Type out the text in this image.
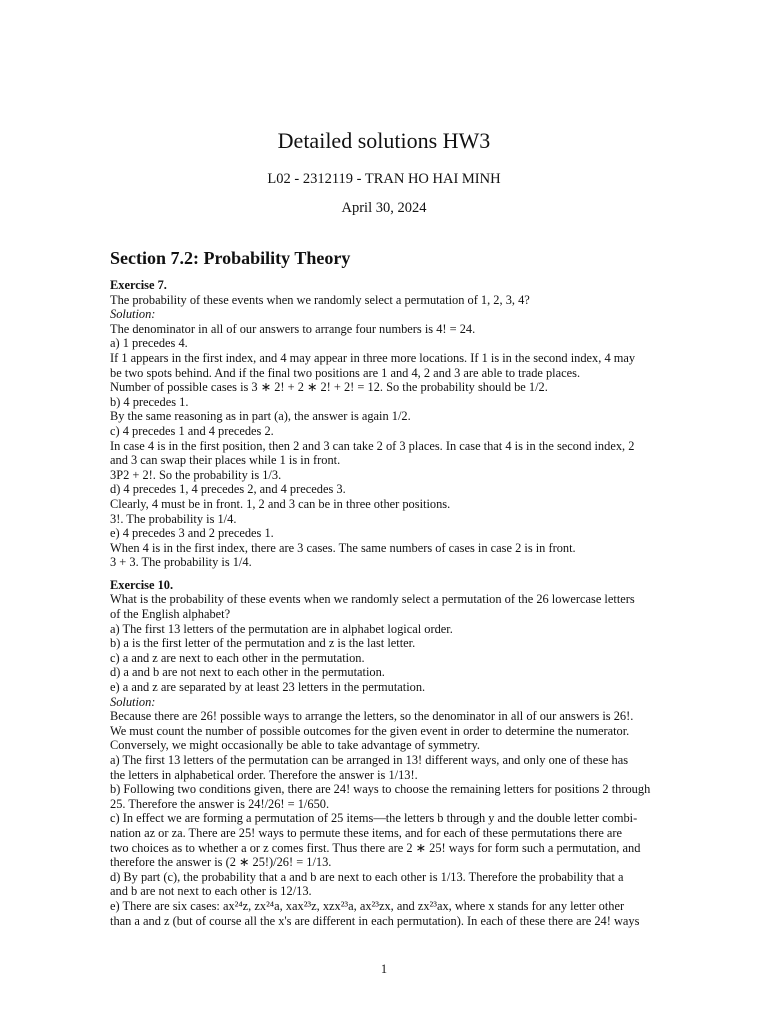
Detailed solutions HW3
L02 - 2312119 - TRAN HO HAI MINH
April 30, 2024
Section 7.2: Probability Theory
Exercise 7.
The probability of these events when we randomly select a permutation of 1, 2, 3, 4?
Solution:
The denominator in all of our answers to arrange four numbers is 4! = 24.
a) 1 precedes 4.
If 1 appears in the first index, and 4 may appear in three more locations. If 1 is in the second index, 4 may
be two spots behind. And if the final two positions are 1 and 4, 2 and 3 are able to trade places.
Number of possible cases is 3 ∗ 2! + 2 ∗ 2! + 2! = 12. So the probability should be 1/2.
b) 4 precedes 1.
By the same reasoning as in part (a), the answer is again 1/2.
c) 4 precedes 1 and 4 precedes 2.
In case 4 is in the first position, then 2 and 3 can take 2 of 3 places. In case that 4 is in the second index, 2
and 3 can swap their places while 1 is in front.
3P2 + 2!. So the probability is 1/3.
d) 4 precedes 1, 4 precedes 2, and 4 precedes 3.
Clearly, 4 must be in front. 1, 2 and 3 can be in three other positions.
3!. The probability is 1/4.
e) 4 precedes 3 and 2 precedes 1.
When 4 is in the first index, there are 3 cases. The same numbers of cases in case 2 is in front.
3 + 3. The probability is 1/4.
Exercise 10.
What is the probability of these events when we randomly select a permutation of the 26 lowercase letters
of the English alphabet?
a) The first 13 letters of the permutation are in alphabet logical order.
b) a is the first letter of the permutation and z is the last letter.
c) a and z are next to each other in the permutation.
d) a and b are not next to each other in the permutation.
e) a and z are separated by at least 23 letters in the permutation.
Solution:
Because there are 26! possible ways to arrange the letters, so the denominator in all of our answers is 26!.
We must count the number of possible outcomes for the given event in order to determine the numerator.
Conversely, we might occasionally be able to take advantage of symmetry.
a) The first 13 letters of the permutation can be arranged in 13! different ways, and only one of these has
the letters in alphabetical order. Therefore the answer is 1/13!.
b) Following two conditions given, there are 24! ways to choose the remaining letters for positions 2 through
25. Therefore the answer is 24!/26! = 1/650.
c) In effect we are forming a permutation of 25 items—the letters b through y and the double letter combi-
nation az or za. There are 25! ways to permute these items, and for each of these permutations there are
two choices as to whether a or z comes first. Thus there are 2 ∗ 25! ways for form such a permutation, and
therefore the answer is (2 ∗ 25!)/26! = 1/13.
d) By part (c), the probability that a and b are next to each other is 1/13. Therefore the probability that a
and b are not next to each other is 12/13.
e) There are six cases: ax²⁴z, zx²⁴a, xax²³z, xzx²³a, ax²³zx, and zx²³ax, where x stands for any letter other
than a and z (but of course all the x's are different in each permutation). In each of these there are 24! ways
1
